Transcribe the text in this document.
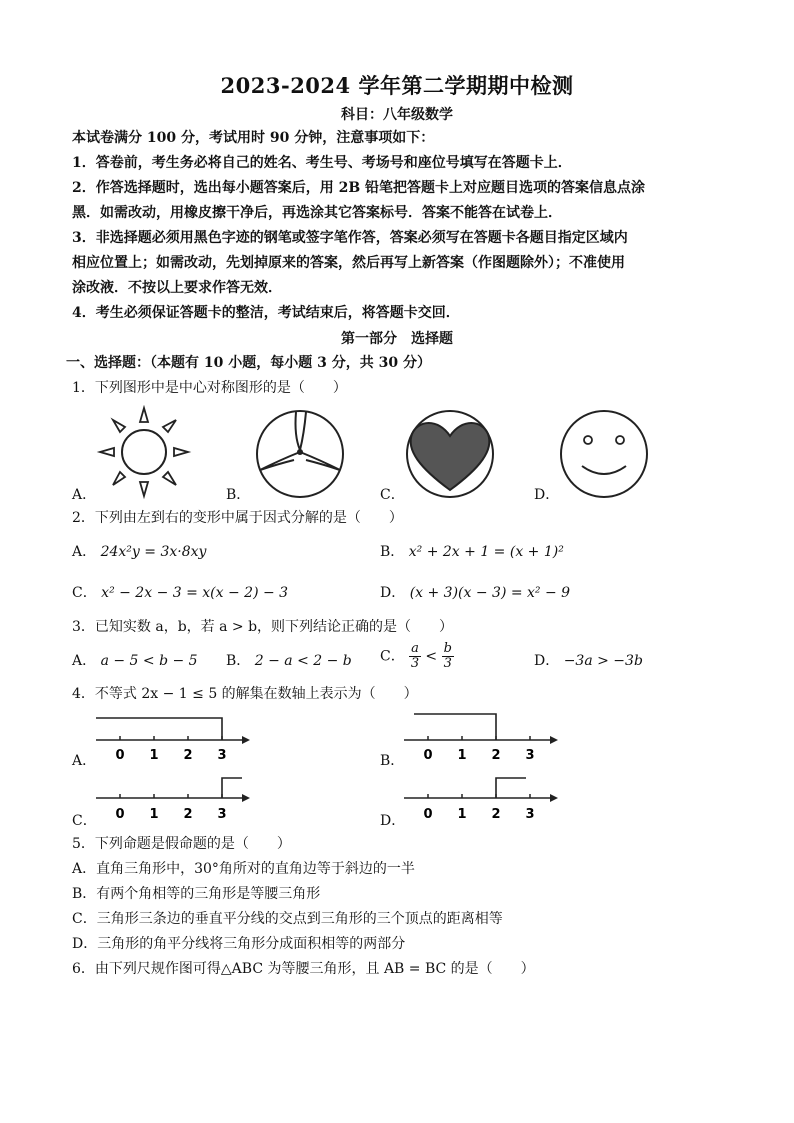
2023-2024 学年第二学期期中检测
科目：八年级数学
本试卷满分 100 分，考试用时 90 分钟，注意事项如下：
1．答卷前，考生务必将自己的姓名、考生号、考场号和座位号填写在答题卡上．
2．作答选择题时，选出每小题答案后，用 2B 铅笔把答题卡上对应题目选项的答案信息点涂
黑．如需改动，用橡皮擦干净后，再选涂其它答案标号．答案不能答在试卷上．
3．非选择题必须用黑色字迹的钢笔或签字笔作答，答案必须写在答题卡各题目指定区域内
相应位置上；如需改动，先划掉原来的答案，然后再写上新答案（作图题除外）；不准使用
涂改液．不按以上要求作答无效．
4．考生必须保证答题卡的整洁，考试结束后，将答题卡交回．
第一部分　选择题
一、选择题：（本题有 10 小题，每小题 3 分，共 30 分）
1．下列图形中是中心对称图形的是（　　）
A．	B．	C．	D．
2．下列由左到右的变形中属于因式分解的是（　　）
A． 24x²y = 3x·8xy	B． x² + 2x + 1 = (x + 1)²
C． x² − 2x − 3 = x(x − 2) − 3	D． (x + 3)(x − 3) = x² − 9
3．已知实数 a，b，若 a > b，则下列结论正确的是（　　）
A． a − 5 < b − 5 B． 2 − a < 2 − b C． $\frac{a}{3} < \frac{b}{3}$	D． −3a > −3b
4．不等式 2x − 1 ≤ 5 的解集在数轴上表示为（　　）
0 1 2 3
A．	0 1 2 3
B．
0 1 2 3
C．	0 1 2 3
D．
5．下列命题是假命题的是（　　）
A．直角三角形中，30°角所对的直角边等于斜边的一半
B．有两个角相等的三角形是等腰三角形
C．三角形三条边的垂直平分线的交点到三角形的三个顶点的距离相等
D．三角形的角平分线将三角形分成面积相等的两部分
6．由下列尺规作图可得△ABC 为等腰三角形，且 AB = BC 的是（　　）
